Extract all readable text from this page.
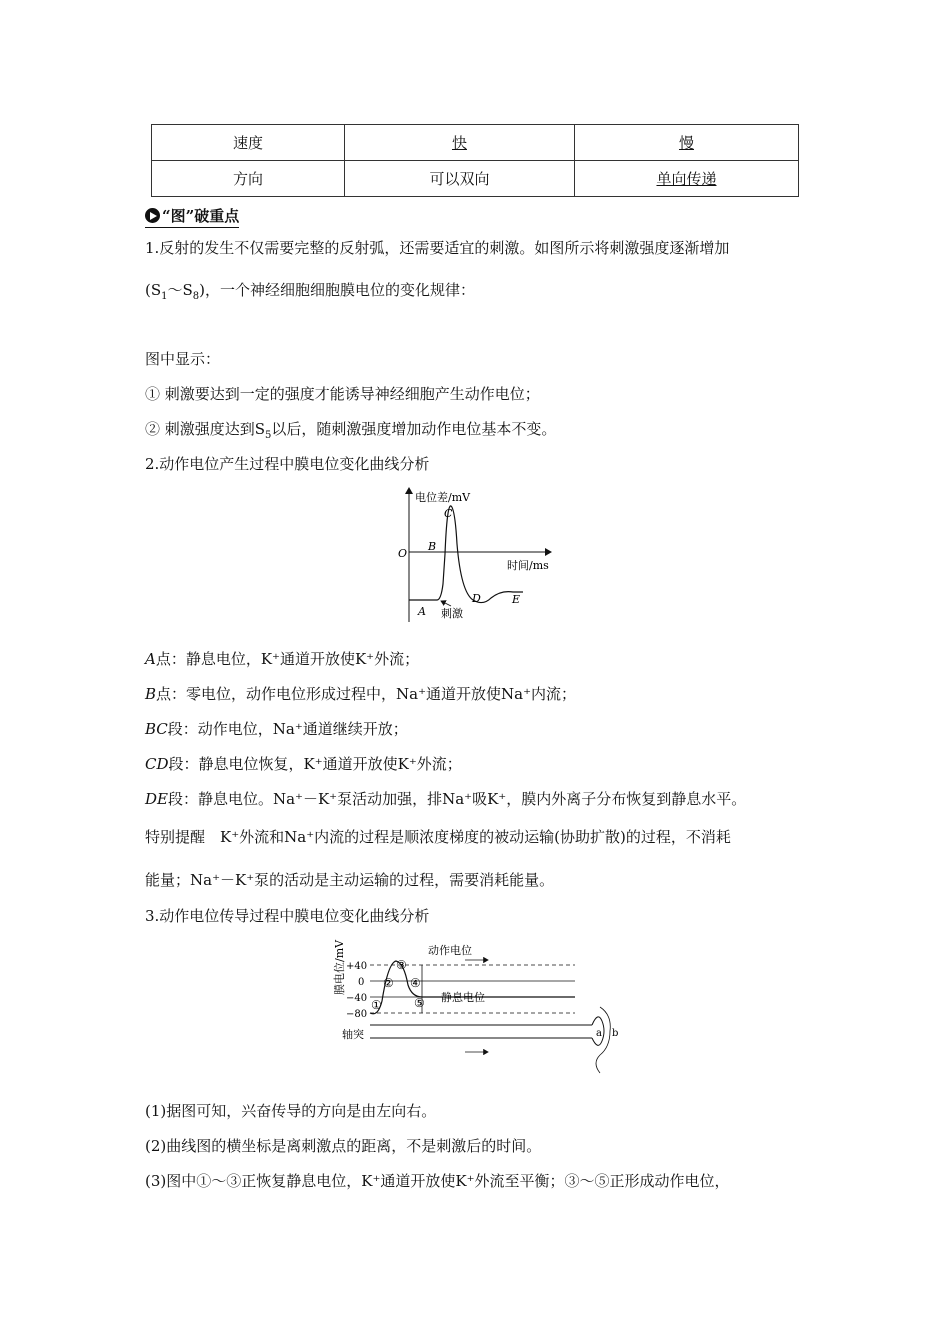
速度	快	慢
方向	可以双向	单向传递
“图”破重点
1.反射的发生不仅需要完整的反射弧，还需要适宜的刺激。如图所示将刺激强度逐渐增加
$(S_1\sim S_8)$，一个神经细胞细胞膜电位的变化规律：
图中显示：
① 刺激要达到一定的强度才能诱导神经细胞产生动作电位；
② 刺激强度达到$S_5$以后，随刺激强度增加动作电位基本不变。
2.动作电位产生过程中膜电位变化曲线分析
电位差/mV
时间/ms
O
A
B
C
D	E
刺激
A点：静息电位，K⁺通道开放使K⁺外流；
B点：零电位，动作电位形成过程中，Na⁺通道开放使Na⁺内流；
BC段：动作电位，Na⁺通道继续开放；
CD段：静息电位恢复，K⁺通道开放使K⁺外流；
DE段：静息电位。Na⁺－K⁺泵活动加强，排Na⁺吸K⁺，膜内外离子分布恢复到静息水平。
特别提醒　K⁺外流和Na⁺内流的过程是顺浓度梯度的被动运输(协助扩散)的过程，不消耗
能量；Na⁺－K⁺泵的活动是主动运输的过程，需要消耗能量。
3.动作电位传导过程中膜电位变化曲线分析
膜电位/mV +40
0
−40
−80
①
②
③
④
⑤
动作电位
静息电位
轴突	a b
(1)据图可知，兴奋传导的方向是由左向右。
(2)曲线图的横坐标是离刺激点的距离，不是刺激后的时间。
(3)图中①～③正恢复静息电位，K⁺通道开放使K⁺外流至平衡；③～⑤正形成动作电位，
